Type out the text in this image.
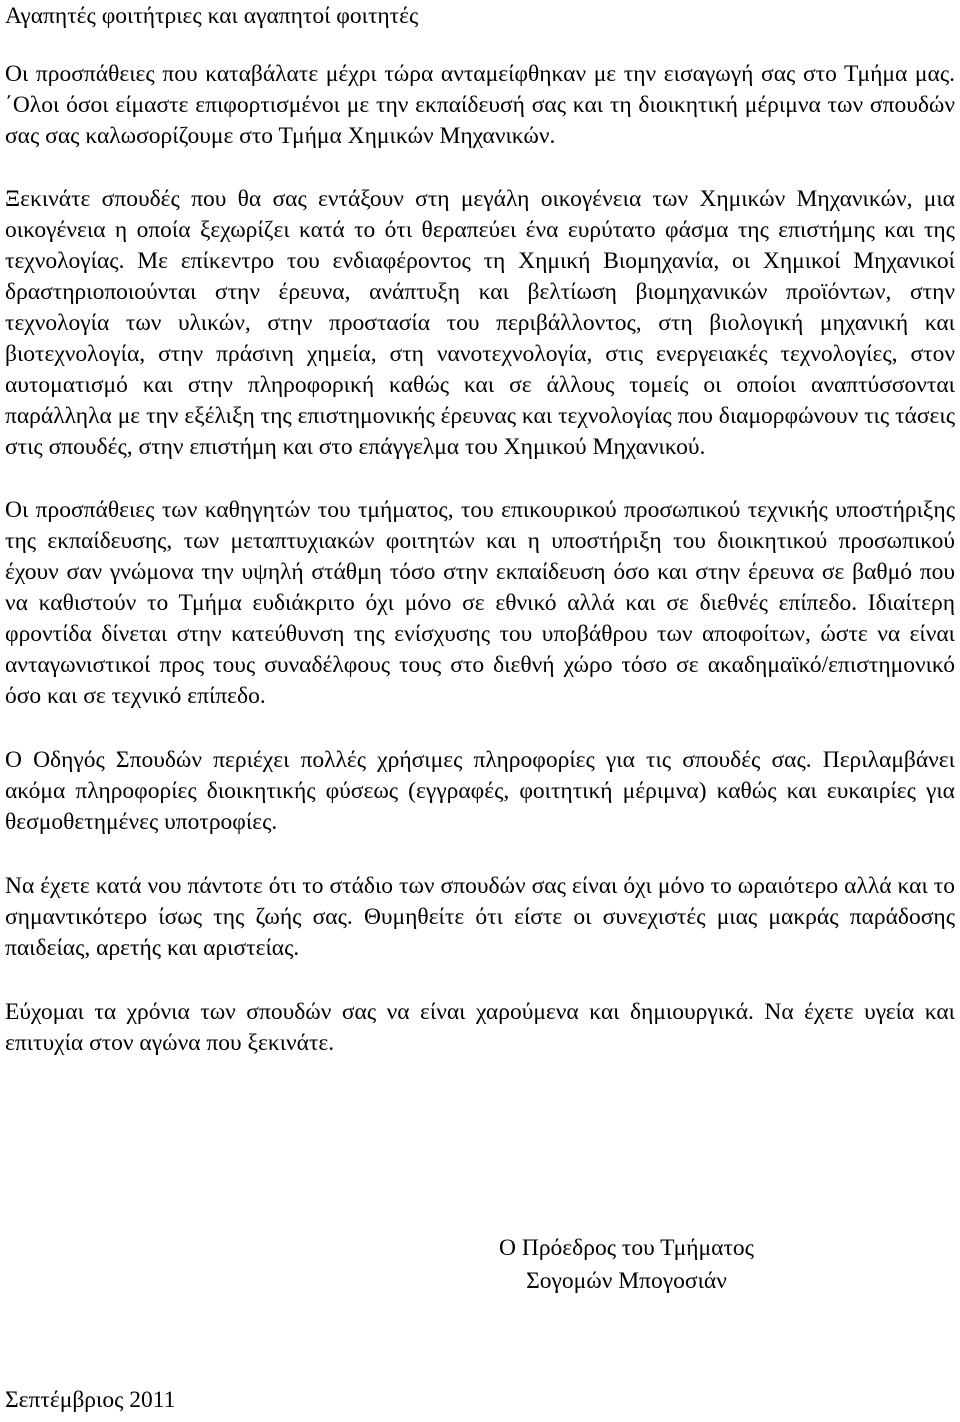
Αγαπητές φοιτήτριες και αγαπητοί φοιτητές

Οι προσπάθειες που καταβάλατε μέχρι τώρα ανταμείφθηκαν με την εισαγωγή σας στο Τμήμα μας. ΄Ολοι όσοι είμαστε επιφορτισμένοι με την εκπαίδευσή σας και τη διοικητική μέριμνα των σπουδών σας σας καλωσορίζουμε στο Τμήμα Χημικών Μηχανικών.

Ξεκινάτε σπουδές που θα σας εντάξουν στη μεγάλη οικογένεια των Χημικών Μηχανικών, μια οικογένεια η οποία ξεχωρίζει κατά το ότι θεραπεύει ένα ευρύτατο φάσμα της επιστήμης και της τεχνολογίας. Με επίκεντρο του ενδιαφέροντος τη Χημική Βιομηχανία, οι Χημικοί Μηχανικοί δραστηριοποιούνται στην έρευνα, ανάπτυξη και βελτίωση βιομηχανικών προϊόντων, στην τεχνολογία των υλικών, στην προστασία του περιβάλλοντος, στη βιολογική μηχανική και βιοτεχνολογία, στην πράσινη χημεία, στη νανοτεχνολογία, στις ενεργειακές τεχνολογίες, στον αυτοματισμό και στην πληροφορική καθώς και σε άλλους τομείς οι οποίοι αναπτύσσονται παράλληλα με την εξέλιξη της επιστημονικής έρευνας και τεχνολογίας που διαμορφώνουν τις τάσεις στις σπουδές, στην επιστήμη και στο επάγγελμα του Χημικού Μηχανικού.

Οι προσπάθειες των καθηγητών του τμήματος, του επικουρικού προσωπικού τεχνικής υποστήριξης της εκπαίδευσης, των μεταπτυχιακών φοιτητών και η υποστήριξη του διοικητικού προσωπικού έχουν σαν γνώμονα την υψηλή στάθμη τόσο στην εκπαίδευση όσο και στην έρευνα σε βαθμό που να καθιστούν το Τμήμα ευδιάκριτο όχι μόνο σε εθνικό αλλά και σε διεθνές επίπεδο. Ιδιαίτερη φροντίδα δίνεται στην κατεύθυνση της ενίσχυσης του υποβάθρου των αποφοίτων, ώστε να είναι ανταγωνιστικοί προς τους συναδέλφους τους στο διεθνή χώρο τόσο σε ακαδημαϊκό/επιστημονικό όσο και σε τεχνικό επίπεδο.

Ο Οδηγός Σπουδών περιέχει πολλές χρήσιμες πληροφορίες για τις σπουδές σας. Περιλαμβάνει ακόμα πληροφορίες διοικητικής φύσεως (εγγραφές, φοιτητική μέριμνα) καθώς και ευκαιρίες για θεσμοθετημένες υποτροφίες.

Να έχετε κατά νου πάντοτε ότι το στάδιο των σπουδών σας είναι όχι μόνο το ωραιότερο αλλά και το σημαντικότερο ίσως της ζωής σας. Θυμηθείτε ότι είστε οι συνεχιστές μιας μακράς παράδοσης παιδείας, αρετής και αριστείας.

Εύχομαι τα χρόνια των σπουδών σας να είναι χαρούμενα και δημιουργικά. Να έχετε υγεία και επιτυχία στον αγώνα που ξεκινάτε.

Ο Πρόεδρος του Τμήματος
Σογομών Μπογοσιάν
Σεπτέμβριος 2011
